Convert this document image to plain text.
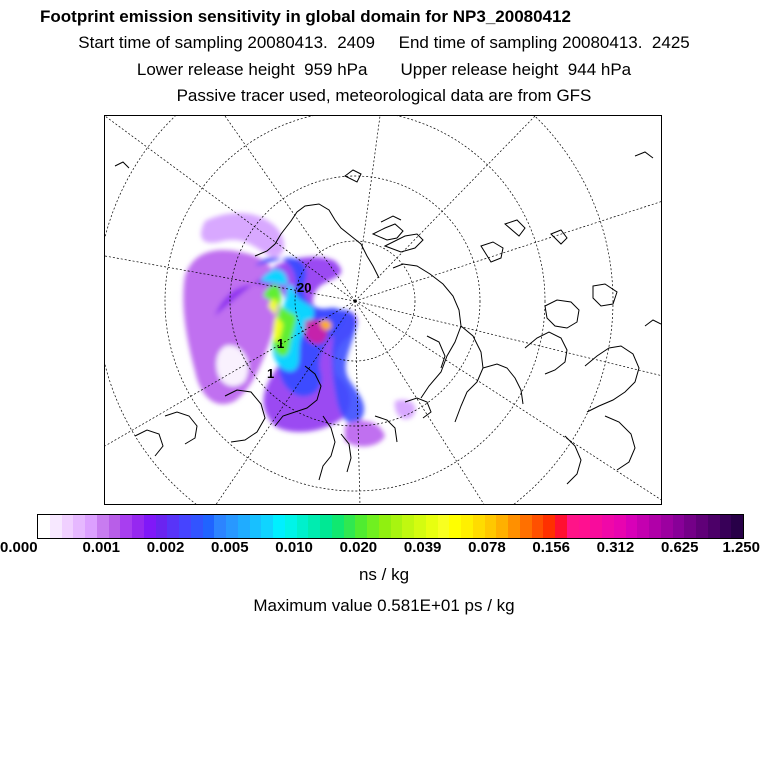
Footprint emission sensitivity in global domain for NP3_20080412
Start time of sampling 20080413.  2409 End time of sampling 20080413.  2425
Lower release height  959 hPa Upper release height  944 hPa
Passive tracer used, meteorological data are from GFS
20
1
1
0.000	0.001 0.002 0.005 0.010 0.020 0.039 0.078 0.156 0.312 0.625 1.250
ns / kg
Maximum value 0.581E+01 ps / kg
